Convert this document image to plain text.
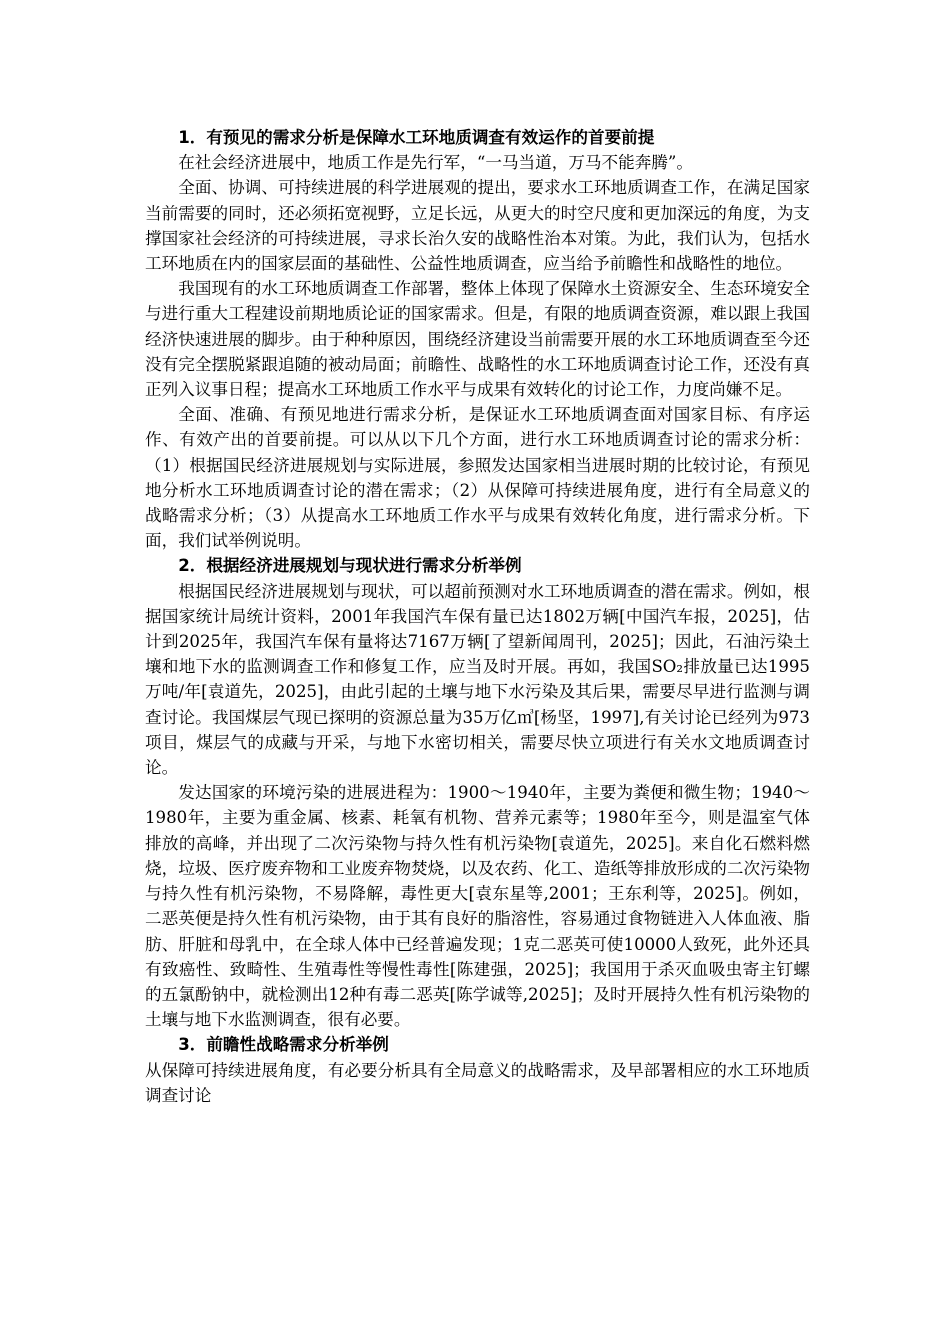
1．有预见的需求分析是保障水工环地质调查有效运作的首要前提

在社会经济进展中，地质工作是先行军，“一马当道，万马不能奔腾”。

全面、协调、可持续进展的科学进展观的提出，要求水工环地质调查工作，在满足国家当前需要的同时，还必须拓宽视野，立足长远，从更大的时空尺度和更加深远的角度，为支撑国家社会经济的可持续进展，寻求长治久安的战略性治本对策。为此，我们认为，包括水工环地质在内的国家层面的基础性、公益性地质调查，应当给予前瞻性和战略性的地位。

我国现有的水工环地质调查工作部署，整体上体现了保障水土资源安全、生态环境安全与进行重大工程建设前期地质论证的国家需求。但是，有限的地质调查资源，难以跟上我国经济快速进展的脚步。由于种种原因，围绕经济建设当前需要开展的水工环地质调查至今还没有完全摆脱紧跟追随的被动局面；前瞻性、战略性的水工环地质调查讨论工作，还没有真正列入议事日程；提高水工环地质工作水平与成果有效转化的讨论工作，力度尚嫌不足。

全面、准确、有预见地进行需求分析，是保证水工环地质调查面对国家目标、有序运作、有效产出的首要前提。可以从以下几个方面，进行水工环地质调查讨论的需求分析：（1）根据国民经济进展规划与实际进展，参照发达国家相当进展时期的比较讨论，有预见地分析水工环地质调查讨论的潜在需求；（2）从保障可持续进展角度，进行有全局意义的战略需求分析；（3）从提高水工环地质工作水平与成果有效转化角度，进行需求分析。下面，我们试举例说明。

2．根据经济进展规划与现状进行需求分析举例

根据国民经济进展规划与现状，可以超前预测对水工环地质调查的潜在需求。例如，根据国家统计局统计资料，2001年我国汽车保有量已达1802万辆[中国汽车报，2025]，估计到2025年，我国汽车保有量将达7167万辆[了望新闻周刊，2025]；因此，石油污染土壤和地下水的监测调查工作和修复工作，应当及时开展。再如，我国SO₂排放量已达1995万吨/年[袁道先，2025]，由此引起的土壤与地下水污染及其后果，需要尽早进行监测与调查讨论。我国煤层气现已探明的资源总量为35万亿㎥[杨坚，1997],有关讨论已经列为973项目，煤层气的成藏与开采，与地下水密切相关，需要尽快立项进行有关水文地质调查讨论。

发达国家的环境污染的进展进程为：1900～1940年，主要为粪便和微生物；1940～1980年，主要为重金属、核素、耗氧有机物、营养元素等；1980年至今，则是温室气体排放的高峰，并出现了二次污染物与持久性有机污染物[袁道先，2025]。来自化石燃料燃烧，垃圾、医疗废弃物和工业废弃物焚烧，以及农药、化工、造纸等排放形成的二次污染物与持久性有机污染物，不易降解，毒性更大[袁东星等,2001；王东利等，2025]。例如，二恶英便是持久性有机污染物，由于其有良好的脂溶性，容易通过食物链进入人体血液、脂肪、肝脏和母乳中，在全球人体中已经普遍发现；1克二恶英可使10000人致死，此外还具有致癌性、致畸性、生殖毒性等慢性毒性[陈建强，2025]；我国用于杀灭血吸虫寄主钉螺的五氯酚钠中，就检测出12种有毒二恶英[陈学诚等,2025]；及时开展持久性有机污染物的土壤与地下水监测调查，很有必要。

3．前瞻性战略需求分析举例

从保障可持续进展角度，有必要分析具有全局意义的战略需求，及早部署相应的水工环地质调查讨论
